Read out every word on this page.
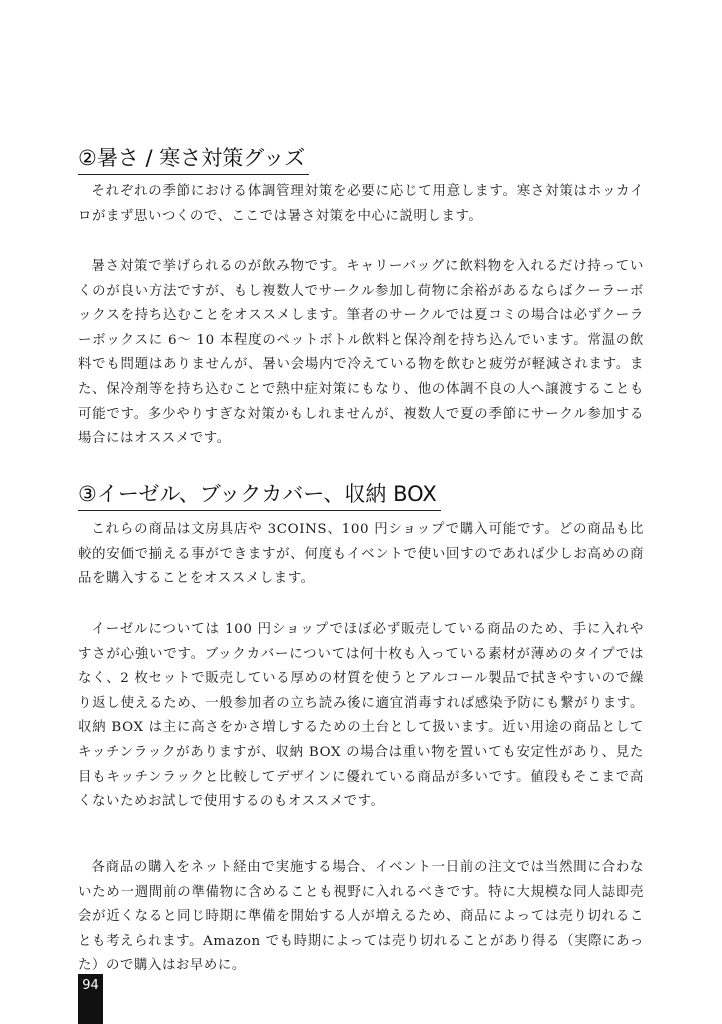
②暑さ / 寒さ対策グッズ

それぞれの季節における体調管理対策を必要に応じて用意します。寒さ対策はホッカイロがまず思いつくので、ここでは暑さ対策を中心に説明します。

暑さ対策で挙げられるのが飲み物です。キャリーバッグに飲料物を入れるだけ持っていくのが良い方法ですが、もし複数人でサークル参加し荷物に余裕があるならばクーラーボックスを持ち込むことをオススメします。筆者のサークルでは夏コミの場合は必ずクーラーボックスに 6～ 10 本程度のペットボトル飲料と保冷剤を持ち込んでいます。常温の飲料でも問題はありませんが、暑い会場内で冷えている物を飲むと疲労が軽減されます。また、保冷剤等を持ち込むことで熱中症対策にもなり、他の体調不良の人へ譲渡することも可能です。多少やりすぎな対策かもしれませんが、複数人で夏の季節にサークル参加する場合にはオススメです。

③イーゼル、ブックカバー、収納 BOX

これらの商品は文房具店や 3COINS、100 円ショップで購入可能です。どの商品も比較的安価で揃える事ができますが、何度もイベントで使い回すのであれば少しお高めの商品を購入することをオススメします。

イーゼルについては 100 円ショップでほぼ必ず販売している商品のため、手に入れやすさが心強いです。ブックカバーについては何十枚も入っている素材が薄めのタイプではなく、2 枚セットで販売している厚めの材質を使うとアルコール製品で拭きやすいので繰り返し使えるため、一般参加者の立ち読み後に適宜消毒すれば感染予防にも繋がります。収納 BOX は主に高さをかさ増しするための土台として扱います。近い用途の商品としてキッチンラックがありますが、収納 BOX の場合は重い物を置いても安定性があり、見た目もキッチンラックと比較してデザインに優れている商品が多いです。値段もそこまで高くないためお試しで使用するのもオススメです。

各商品の購入をネット経由で実施する場合、イベント一日前の注文では当然間に合わないため一週間前の準備物に含めることも視野に入れるべきです。特に大規模な同人誌即売会が近くなると同じ時期に準備を開始する人が増えるため、商品によっては売り切れることも考えられます。Amazon でも時期によっては売り切れることがあり得る（実際にあった）ので購入はお早めに。

94
